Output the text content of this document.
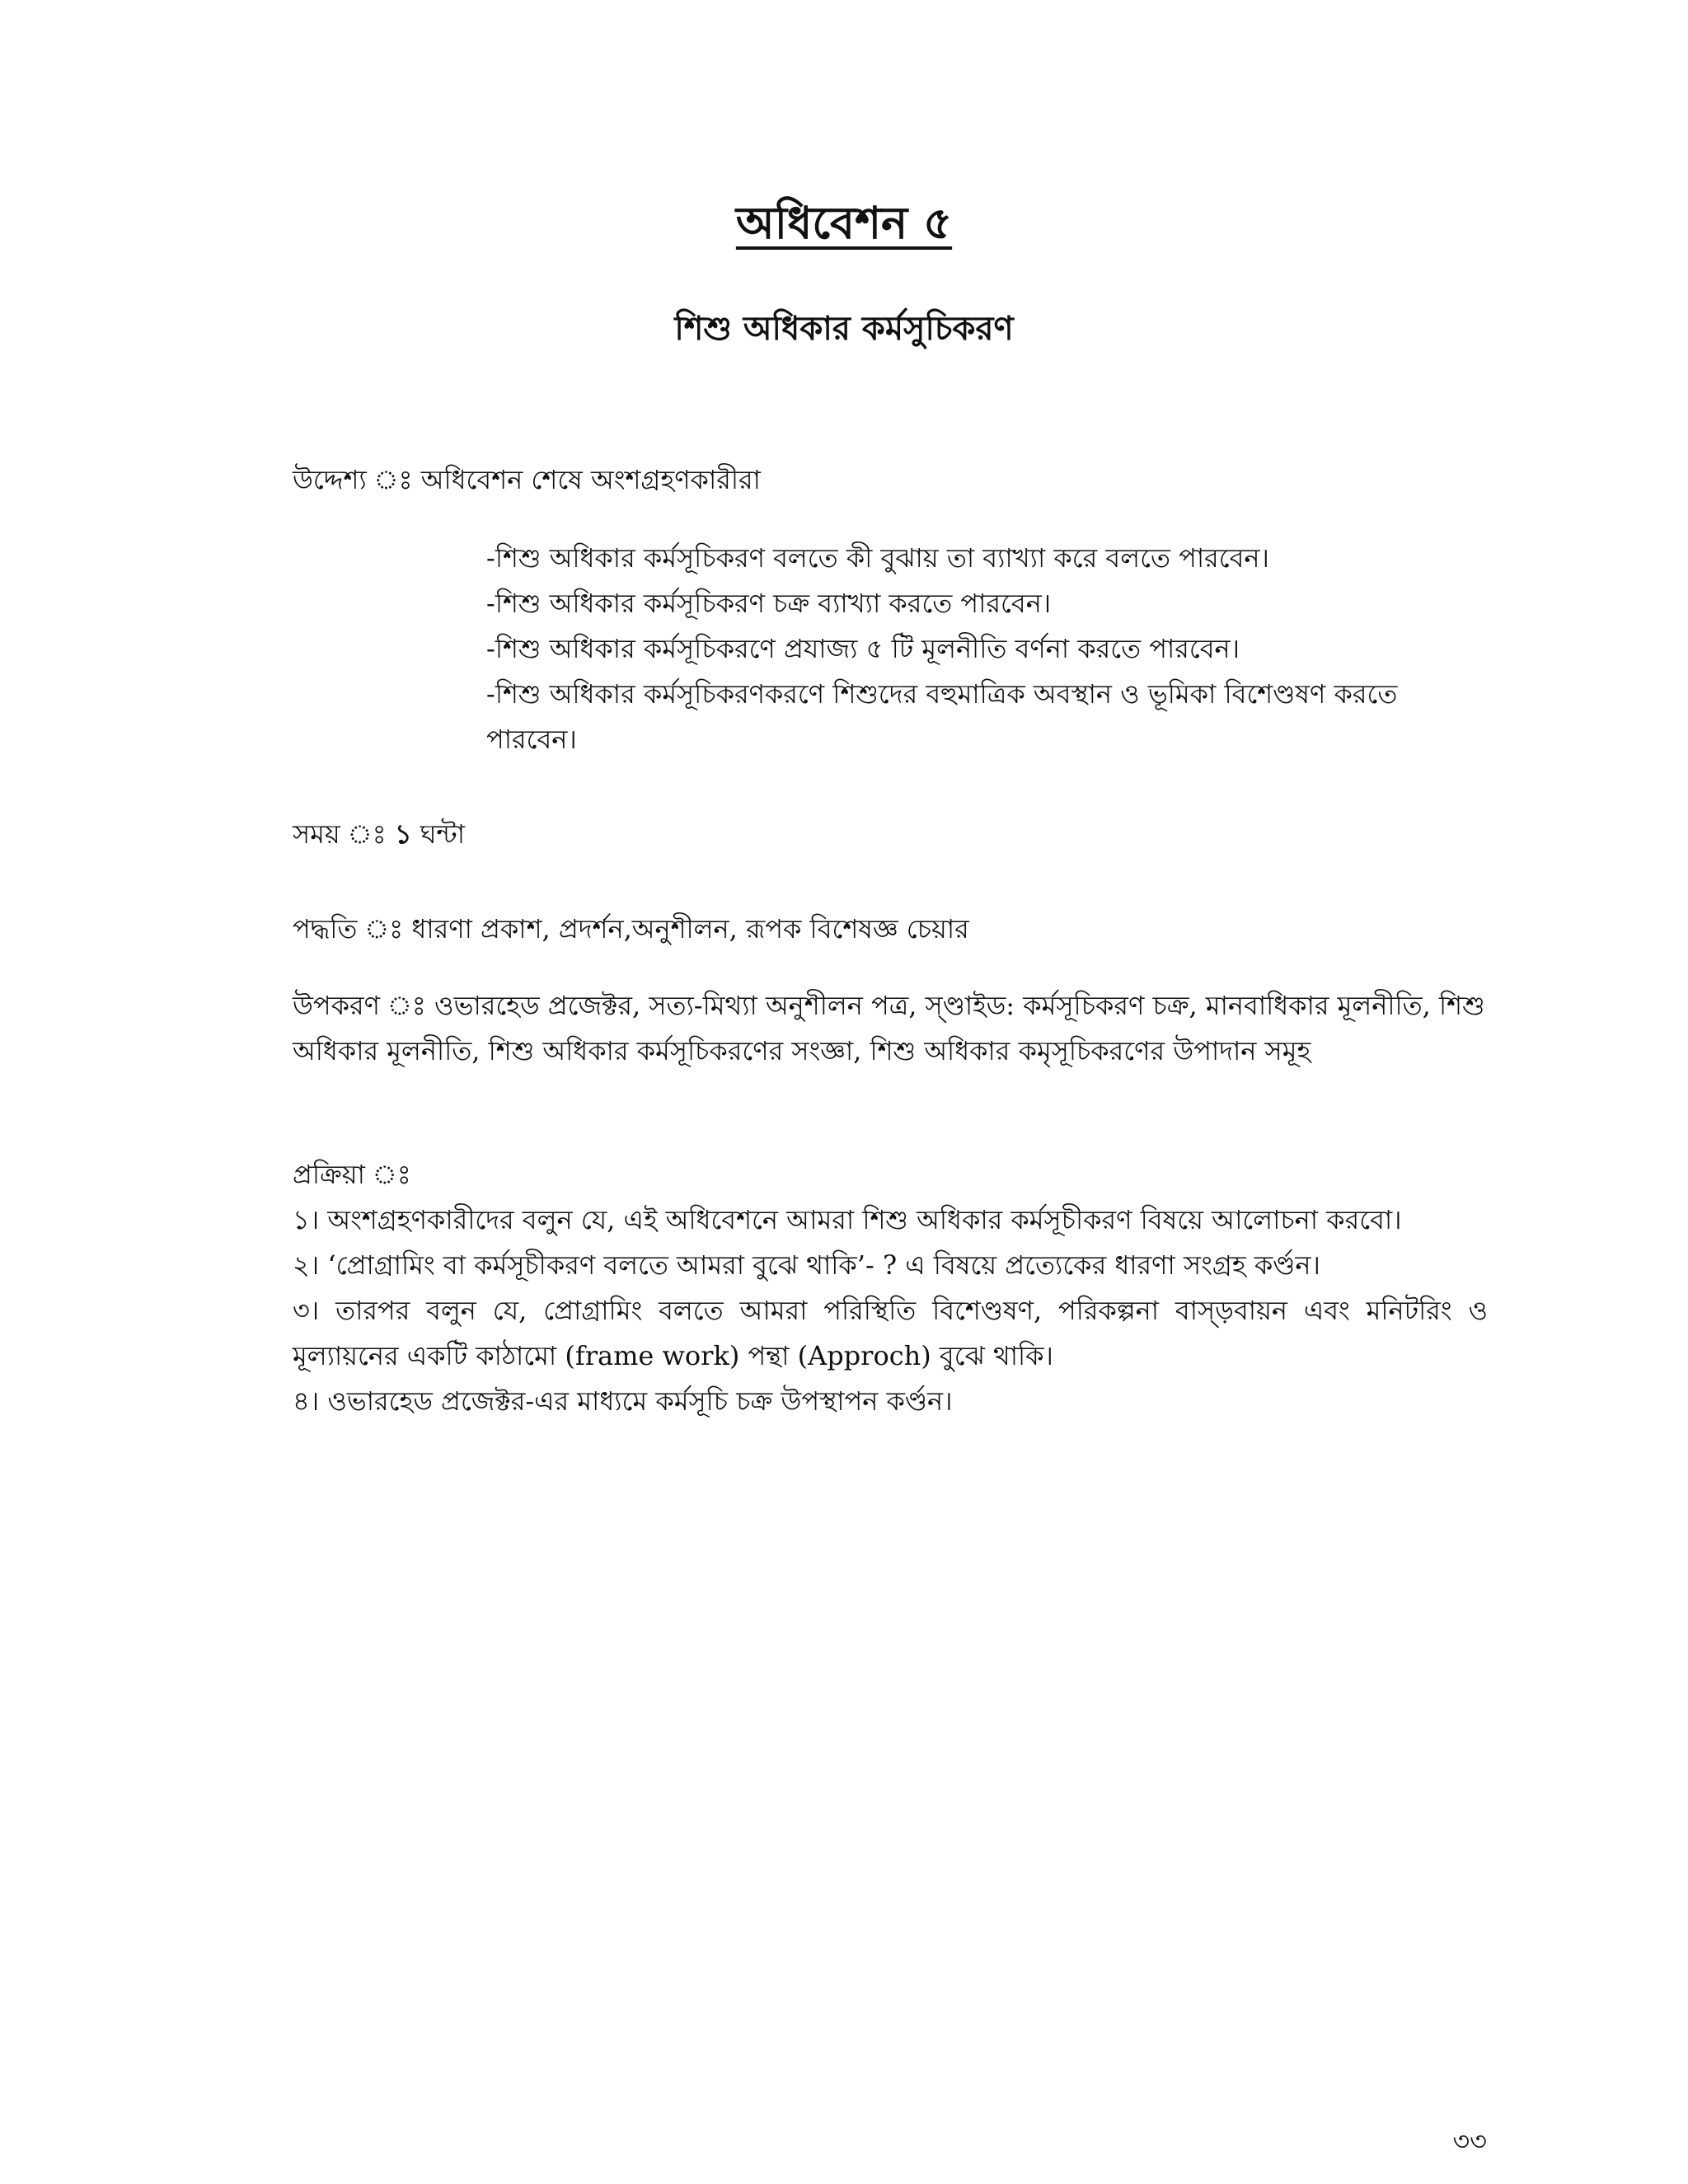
অধিবেশন ৫
শিশু অধিকার কর্মসুচিকরণ

উদ্দেশ্য ঃ অধিবেশন শেষে অংশগ্রহণকারীরা

-শিশু অধিকার কর্মসূচিকরণ বলতে কী বুঝায় তা ব্যাখ্যা করে বলতে পারবেন।
-শিশু অধিকার কর্মসূচিকরণ চক্র ব্যাখ্যা করতে পারবেন।
-শিশু অধিকার কর্মসূচিকরণে প্রযাজ্য ৫ টি মূলনীতি বর্ণনা করতে পারবেন।
-শিশু অধিকার কর্মসূচিকরণকরণে শিশুদের বহুমাত্রিক অবস্থান ও ভূমিকা বিশেণ্ডষণ করতে পারবেন।

সময় ঃ ১ ঘন্টা

পদ্ধতি ঃ ধারণা প্রকাশ, প্রদর্শন,অনুশীলন, রূপক বিশেষজ্ঞ চেয়ার

উপকরণ ঃ ওভারহেড প্রজেক্টর, সত্য-মিথ্যা অনুশীলন পত্র, স্ণ্ডাইড: কর্মসূচিকরণ চক্র, মানবাধিকার মূলনীতি, শিশু অধিকার মূলনীতি, শিশু অধিকার কর্মসূচিকরণের সংজ্ঞা, শিশু অধিকার কমৃসূচিকরণের উপাদান সমূহ

প্রক্রিয়া ঃ

১। অংশগ্রহণকারীদের বলুন যে, এই অধিবেশনে আমরা শিশু অধিকার কর্মসূচীকরণ বিষয়ে আলোচনা করবো।

২। ‘প্রোগ্রামিং বা কর্মসূচীকরণ বলতে আমরা বুঝে থাকি’- ? এ বিষয়ে প্রত্যেকের ধারণা সংগ্রহ কর্ণ্ডন।

৩। তারপর বলুন যে, প্রোগ্রামিং বলতে আমরা পরিস্থিতি বিশেণ্ডষণ, পরিকল্পনা বাস্ড়বায়ন এবং মনিটরিং ও মূল্যায়নের একটি কাঠামো (frame work) পন্থা (Approch) বুঝে থাকি।

৪। ওভারহেড প্রজেক্টর-এর মাধ্যমে কর্মসূচি চক্র উপস্থাপন কর্ণ্ডন।

৩৩
